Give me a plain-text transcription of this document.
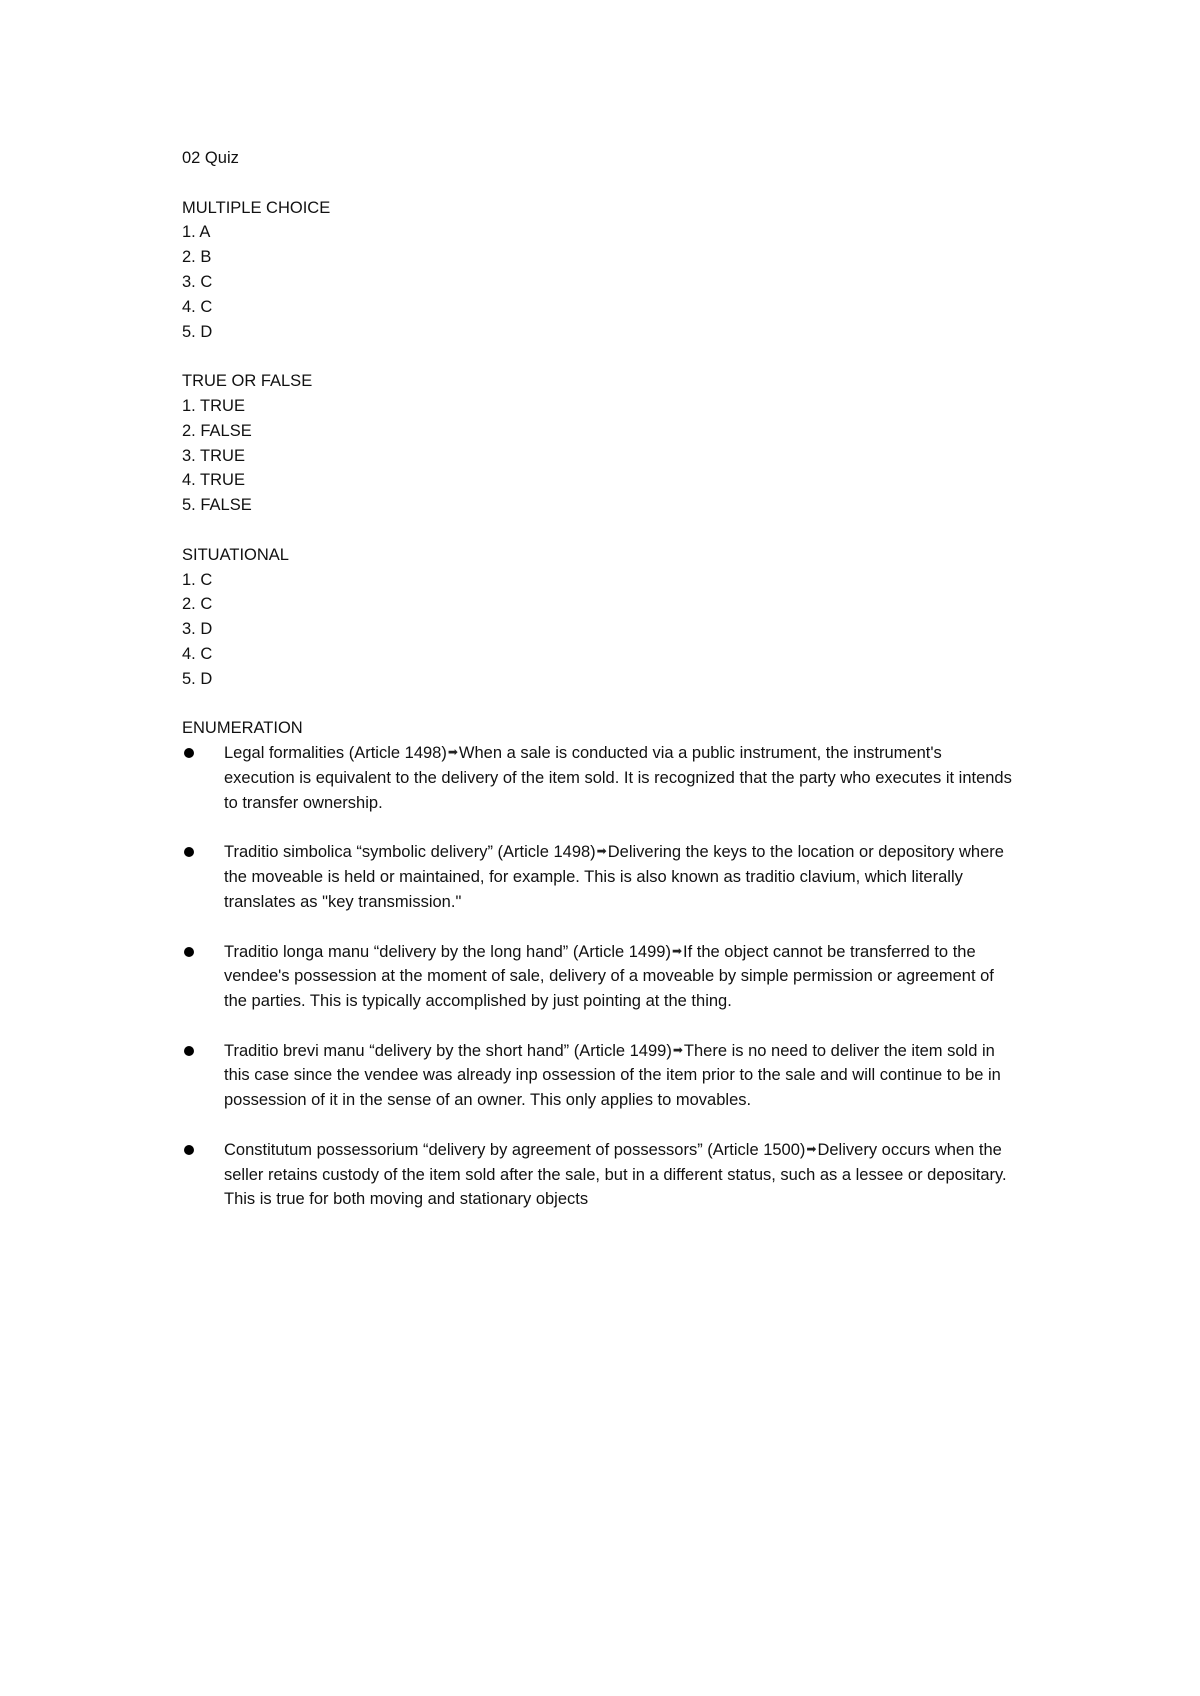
02 Quiz
MULTIPLE CHOICE
1. A
2. B
3. C
4. C
5. D
TRUE OR FALSE
1. TRUE
2. FALSE
3. TRUE
4. TRUE
5. FALSE
SITUATIONAL
1. C
2. C
3. D
4. C
5. D
ENUMERATION
Legal formalities (Article 1498)➡When a sale is conducted via a public instrument, the instrument's execution is equivalent to the delivery of the item sold. It is recognized that the party who executes it intends to transfer ownership.
Traditio simbolica “symbolic delivery” (Article 1498)➡Delivering the keys to the location or depository where the moveable is held or maintained, for example. This is also known as traditio clavium, which literally translates as "key transmission."
Traditio longa manu “delivery by the long hand” (Article 1499)➡If the object cannot be transferred to the vendee's possession at the moment of sale, delivery of a moveable by simple permission or agreement of the parties. This is typically accomplished by just pointing at the thing.
Traditio brevi manu “delivery by the short hand” (Article 1499)➡There is no need to deliver the item sold in this case since the vendee was already inp ossession of the item prior to the sale and will continue to be in possession of it in the sense of an owner. This only applies to movables.
Constitutum possessorium “delivery by agreement of possessors” (Article 1500)➡Delivery occurs when the seller retains custody of the item sold after the sale, but in a different status, such as a lessee or depositary. This is true for both moving and stationary objects
